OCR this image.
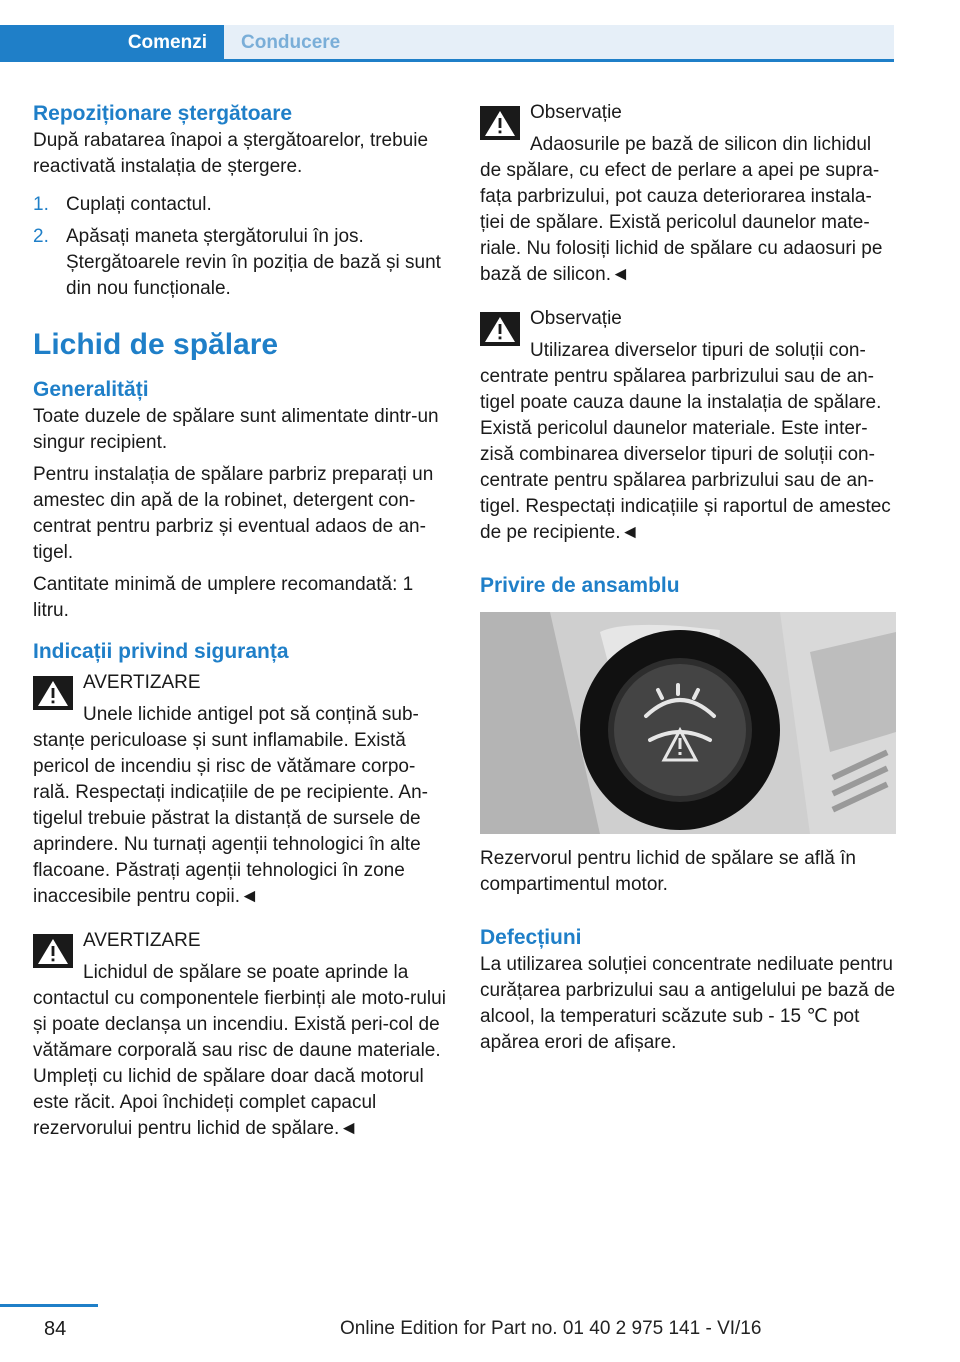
Comenzi	Conducere
Repoziționare ștergătoare

După rabatarea înapoi a ștergătoarelor, trebuie reactivată instalația de ștergere.

1. Cuplați contactul.
2. Apăsați maneta ștergătorului în jos. Ștergătoarele revin în poziția de bază și sunt din nou funcționale.
Lichid de spălare
Generalități

Toate duzele de spălare sunt alimentate dintr-un singur recipient.

Pentru instalația de spălare parbriz preparați un amestec din apă de la robinet, detergent con-centrat pentru parbriz și eventual adaos de an-tigel.

Cantitate minimă de umplere recomandată: 1 litru.

Indicații privind siguranța
AVERTIZARE

Unele lichide antigel pot să conțină sub-stanțe periculoase și sunt inflamabile. Există pericol de incendiu și risc de vătămare corpo-rală. Respectați indicațiile de pe recipiente. An-tigelul trebuie păstrat la distanță de sursele de aprindere. Nu turnați agenții tehnologici în alte flacoane. Păstrați agenții tehnologici în zone inaccesibile pentru copii.◄

AVERTIZARE

Lichidul de spălare se poate aprinde la contactul cu componentele fierbinți ale moto-rului și poate declanșa un incendiu. Există peri-col de vătămare corporală sau risc de daune materiale. Umpleți cu lichid de spălare doar dacă motorul este răcit. Apoi închideți complet capacul rezervorului pentru lichid de spălare.◄

Observație

Adaosurile pe bază de silicon din lichidul de spălare, cu efect de perlare a apei pe supra-fața parbrizului, pot cauza deteriorarea instala-ției de spălare. Există pericolul daunelor mate-riale. Nu folosiți lichid de spălare cu adaosuri pe bază de silicon.◄

Observație

Utilizarea diverselor tipuri de soluții con-centrate pentru spălarea parbrizului sau de an-tigel poate cauza daune la instalația de spălare. Există pericolul daunelor materiale. Este inter-zisă combinarea diverselor tipuri de soluții con-centrate pentru spălarea parbrizului sau de an-tigel. Respectați indicațiile și raportul de amestec de pe recipiente.◄

Privire de ansamblu

Rezervorul pentru lichid de spălare se află în compartimentul motor.

Defecțiuni

La utilizarea soluției concentrate nediluate pentru curățarea parbrizului sau a antigelului pe bază de alcool, la temperaturi scăzute sub - 15 ℃ pot apărea erori de afișare.

84	Online Edition for Part no. 01 40 2 975 141 - VI/16
